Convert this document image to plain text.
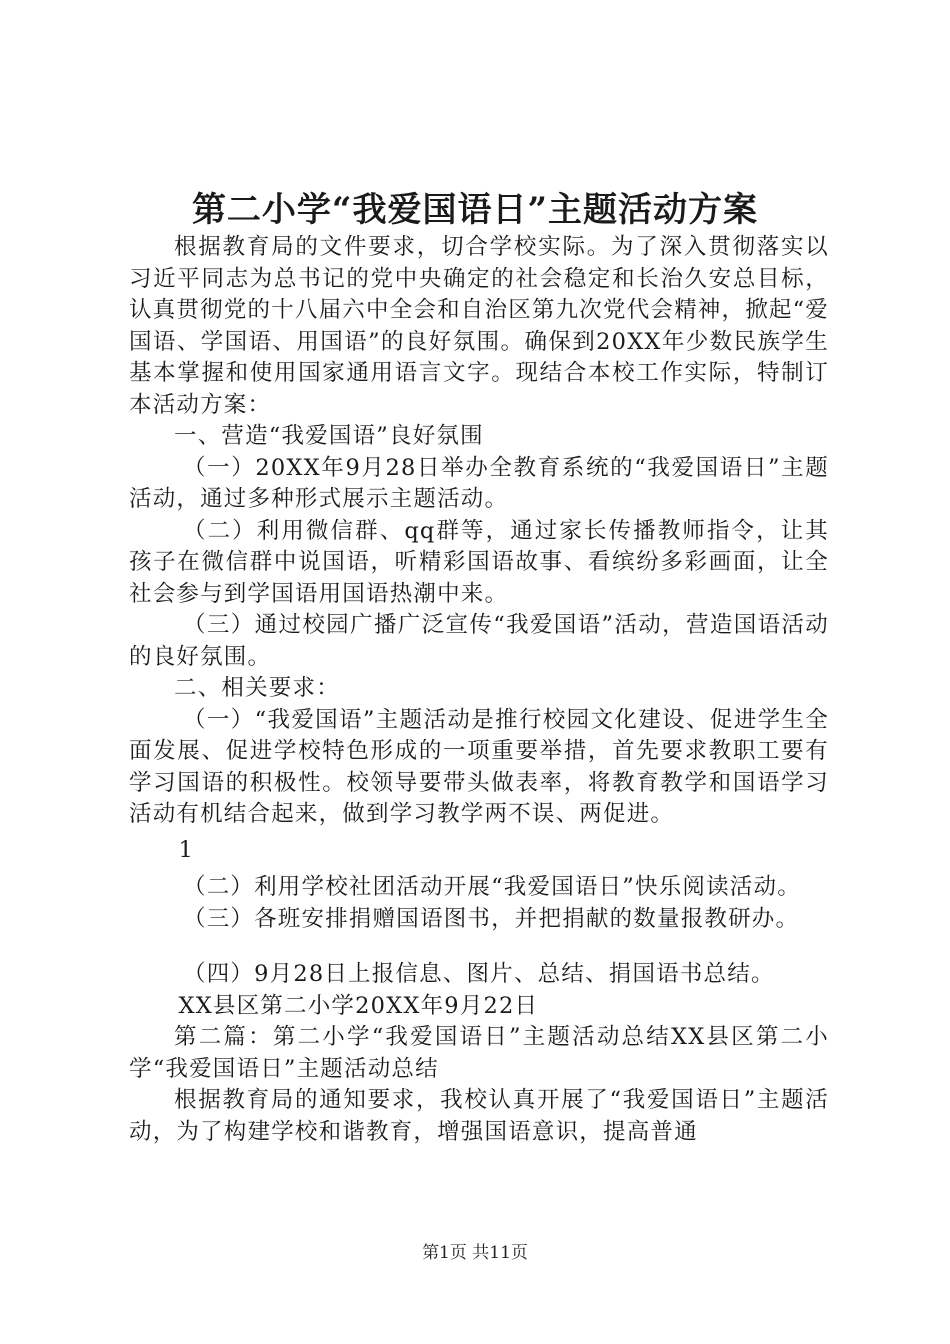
第二小学“我爱国语日”主题活动方案

根据教育局的文件要求，切合学校实际。为了深入贯彻落实以习近平同志为总书记的党中央确定的社会稳定和长治久安总目标，认真贯彻党的十八届六中全会和自治区第九次党代会精神，掀起“爱国语、学国语、用国语”的良好氛围。确保到20XX年少数民族学生基本掌握和使用国家通用语言文字。现结合本校工作实际，特制订本活动方案：

一、营造“我爱国语”良好氛围

（一）20XX年9月28日举办全教育系统的“我爱国语日”主题活动，通过多种形式展示主题活动。

（二）利用微信群、qq群等，通过家长传播教师指令，让其孩子在微信群中说国语，听精彩国语故事、看缤纷多彩画面，让全社会参与到学国语用国语热潮中来。

（三）通过校园广播广泛宣传“我爱国语”活动，营造国语活动的良好氛围。

二、相关要求：

（一）“我爱国语”主题活动是推行校园文化建设、促进学生全面发展、促进学校特色形成的一项重要举措，首先要求教职工要有学习国语的积极性。校领导要带头做表率，将教育教学和国语学习活动有机结合起来，做到学习教学两不误、两促进。

1

（二）利用学校社团活动开展“我爱国语日”快乐阅读活动。

（三）各班安排捐赠国语图书，并把捐献的数量报教研办。

（四）9月28日上报信息、图片、总结、捐国语书总结。

XX县区第二小学20XX年9月22日

第二篇：第二小学“我爱国语日”主题活动总结XX县区第二小学“我爱国语日”主题活动总结

根据教育局的通知要求，我校认真开展了“我爱国语日”主题活动，为了构建学校和谐教育，增强国语意识，提高普通

第1页 共11页
